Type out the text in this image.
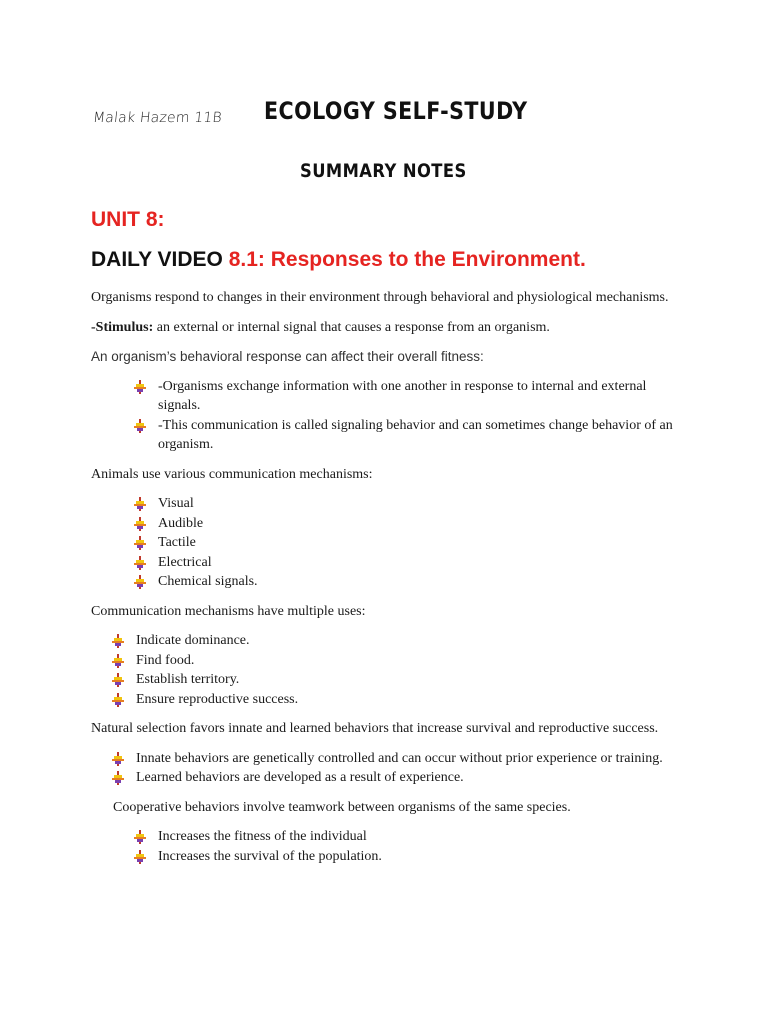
Malak Hazem 11B ECOLOGY SELF-STUDY
SUMMARY NOTES
UNIT 8:
DAILY VIDEO 8.1: Responses to the Environment.

Organisms respond to changes in their environment through behavioral and physiological mechanisms.

-Stimulus: an external or internal signal that causes a response from an organism.

An organism’s behavioral response can affect their overall fitness:

-Organisms exchange information with one another in response to internal and external signals.
-This communication is called signaling behavior and can sometimes change behavior of an organism.

Animals use various communication mechanisms:

Visual
Audible
Tactile
Electrical
Chemical signals.

Communication mechanisms have multiple uses:

Indicate dominance.
Find food.
Establish territory.
Ensure reproductive success.

Natural selection favors innate and learned behaviors that increase survival and reproductive success.

Innate behaviors are genetically controlled and can occur without prior experience or training.
Learned behaviors are developed as a result of experience.

Cooperative behaviors involve teamwork between organisms of the same species.

Increases the fitness of the individual
Increases the survival of the population.
